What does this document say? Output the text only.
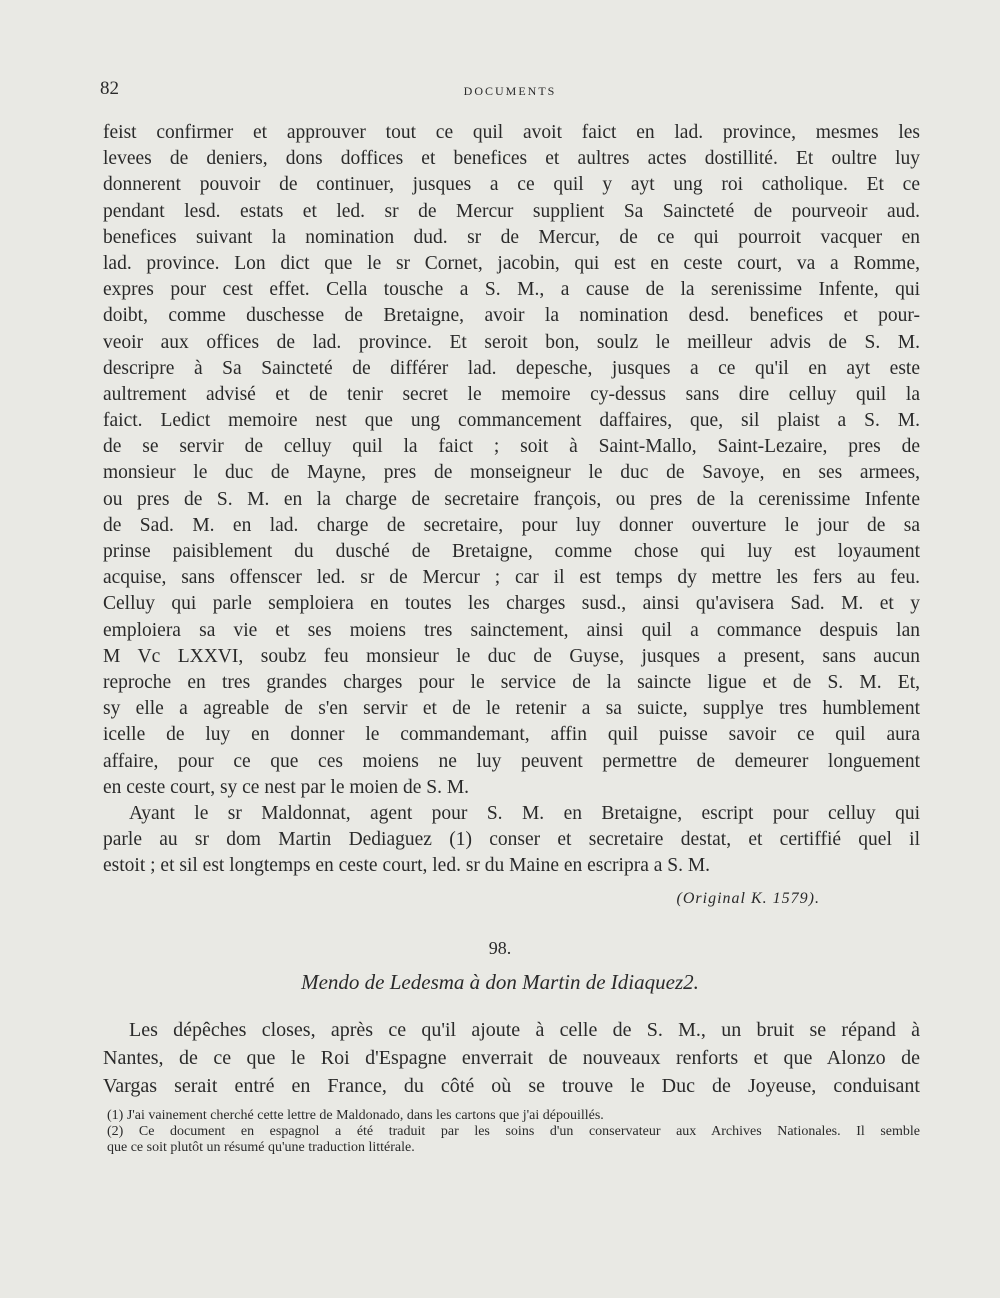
82	DOCUMENTS
feist confirmer et approuver tout ce quil avoit faict en lad. province, mesmes les
levees de deniers, dons doffices et benefices et aultres actes dostillité. Et oultre luy
donnerent pouvoir de continuer, jusques a ce quil y ayt ung roi catholique. Et ce
pendant lesd. estats et led. sr de Mercur supplient Sa Sainctеté de pourveoir aud.
benefices suivant la nomination dud. sr de Mercur, de ce qui pourroit vacquer en
lad. province. Lon dict que le sr Cornet, jacobin, qui est en ceste court, va a Romme,
expres pour cest effet. Cella tousche a S. M., a cause de la serenissime Infente, qui
doibt, comme duschesse de Bretaigne, avoir la nomination desd. benefices et pour-
veoir aux offices de lad. province. Et seroit bon, soulz le meilleur advis de S. M.
descripre à Sa Sainctеté de différer lad. depesche, jusques a ce qu'il en ayt este
aultrement advisé et de tenir secret le memoire cy-dessus sans dire celluy quil la
faict. Ledict memoire nest que ung commancement daffaires, que, sil plaist a S. M.
de se servir de celluy quil la faict ; soit à Saint-Mallo, Saint-Lezaire, pres de
monsieur le duc de Mayne, pres de monseigneur le duc de Savoye, en ses armees,
ou pres de S. M. en la charge de secretaire françois, ou pres de la cerenissime Infente
de Sad. M. en lad. charge de secretaire, pour luy donner ouverture le jour de sa
prinse paisiblement du dusché de Bretaigne, comme chose qui luy est loyaument
acquise, sans offenscer led. sr de Mercur ; car il est temps dy mettre les fers au feu.
Celluy qui parle semploiera en toutes les charges susd., ainsi qu'avisera Sad. M. et y
emploiera sa vie et ses moiens tres sainctement, ainsi quil a commance despuis lan
M Vc LXXVI, soubz feu monsieur le duc de Guyse, jusques a present, sans aucun
reproche en tres grandes charges pour le service de la saincte ligue et de S. M. Et,
sy elle a agreable de s'en servir et de le retenir a sa suicte, supplye tres humblement
icelle de luy en donner le commandemant, affin quil puisse savoir ce quil aura
affaire, pour ce que ces moiens ne luy peuvent permettre de demeurer longuement
en ceste court, sy ce nest par le moien de S. M.
Ayant le sr Maldonnat, agent pour S. M. en Bretaigne, escript pour celluy qui
parle au sr dom Martin Dediaguez (1) conser et secretaire destat, et certiffié quel il
estoit ; et sil est longtemps en ceste court, led. sr du Maine en escripra a S. M.
(Original K. 1579).
98.
Mendo de Ledesma à don Martin de Idiaquez2.
Les dépêches closes, après ce qu'il ajoute à celle de S. M., un bruit se répand à
Nantes, de ce que le Roi d'Espagne enverrait de nouveaux renforts et que Alonzo de
Vargas serait entré en France, du côté où se trouve le Duc de Joyeuse, conduisant
(1) J'ai vainement cherché cette lettre de Maldonado, dans les cartons que j'ai dépouillés.
(2) Ce document en espagnol a été traduit par les soins d'un conservateur aux Archives Nationales. Il semble
que ce soit plutôt un résumé qu'une traduction littérale.
